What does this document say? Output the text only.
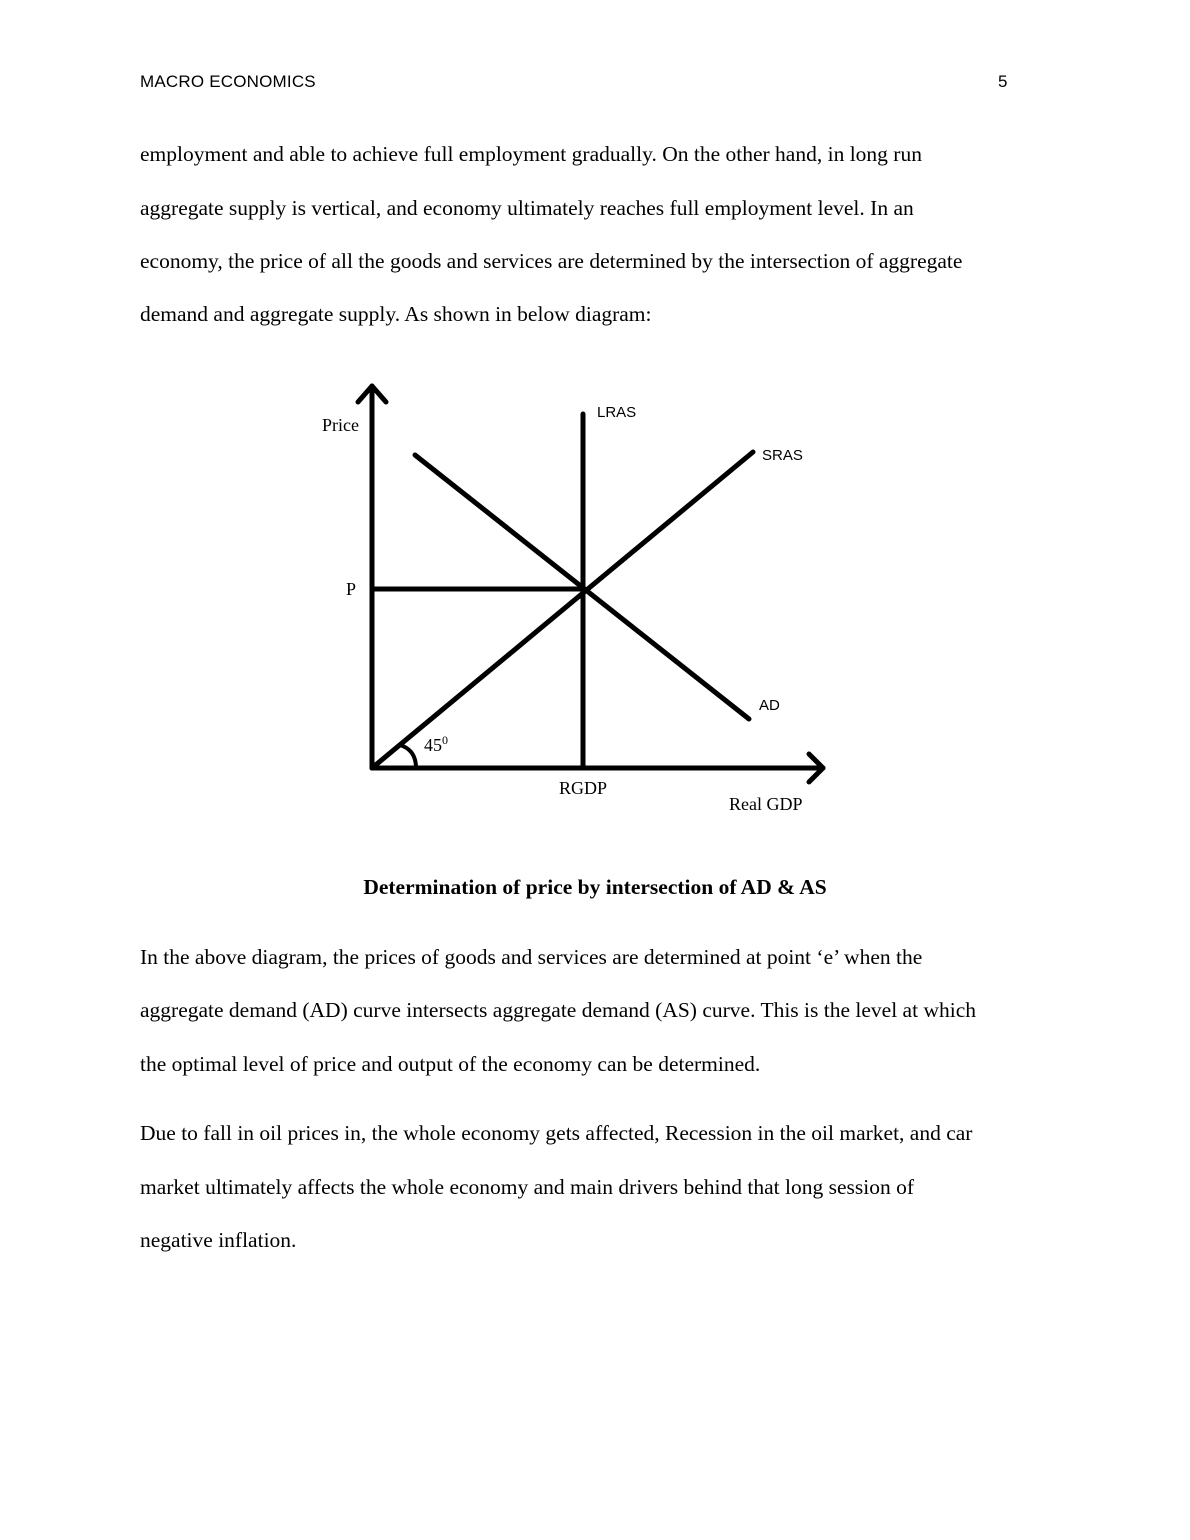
MACRO ECONOMICS	5
employment and able to achieve full employment gradually. On the other hand, in long run
aggregate supply is vertical, and economy ultimately reaches full employment level. In an
economy, the price of all the goods and services are determined by the intersection of aggregate
demand and aggregate supply. As shown in below diagram:
Price
Real GDP
P
RGDP
LRAS
SRAS
AD
$45^0$
Determination of price by intersection of AD & AS
In the above diagram, the prices of goods and services are determined at point ‘e’ when the
aggregate demand (AD) curve intersects aggregate demand (AS) curve. This is the level at which
the optimal level of price and output of the economy can be determined.
Due to fall in oil prices in, the whole economy gets affected, Recession in the oil market, and car
market ultimately affects the whole economy and main drivers behind that long session of
negative inflation.
